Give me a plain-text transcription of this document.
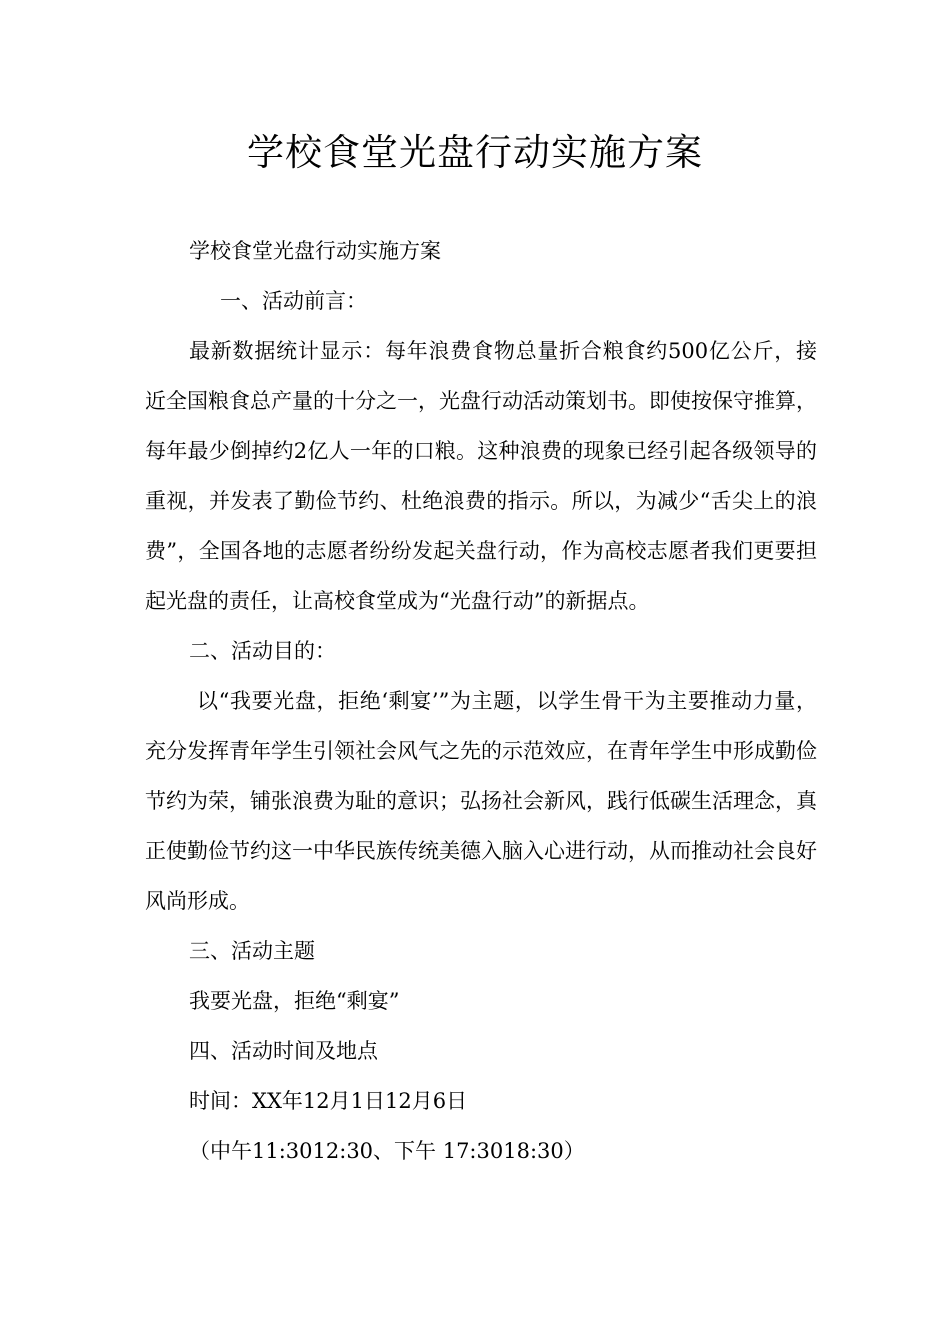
学校食堂光盘行动实施方案

学校食堂光盘行动实施方案

一、活动前言：

最新数据统计显示：每年浪费食物总量折合粮食约500亿公斤，接近全国粮食总产量的十分之一，光盘行动活动策划书。即使按保守推算，每年最少倒掉约2亿人一年的口粮。这种浪费的现象已经引起各级领导的重视，并发表了勤俭节约、杜绝浪费的指示。所以，为减少“舌尖上的浪费”，全国各地的志愿者纷纷发起关盘行动，作为高校志愿者我们更要担起光盘的责任，让高校食堂成为“光盘行动”的新据点。

二、活动目的：

以“我要光盘，拒绝‘剩宴’”为主题，以学生骨干为主要推动力量，充分发挥青年学生引领社会风气之先的示范效应，在青年学生中形成勤俭节约为荣，铺张浪费为耻的意识；弘扬社会新风，践行低碳生活理念，真正使勤俭节约这一中华民族传统美德入脑入心进行动，从而推动社会良好风尚形成。

三、活动主题

我要光盘，拒绝“剩宴”

四、活动时间及地点

时间：XX年12月1日12月6日

（中午11:3012:30、下午 17:3018:30）
